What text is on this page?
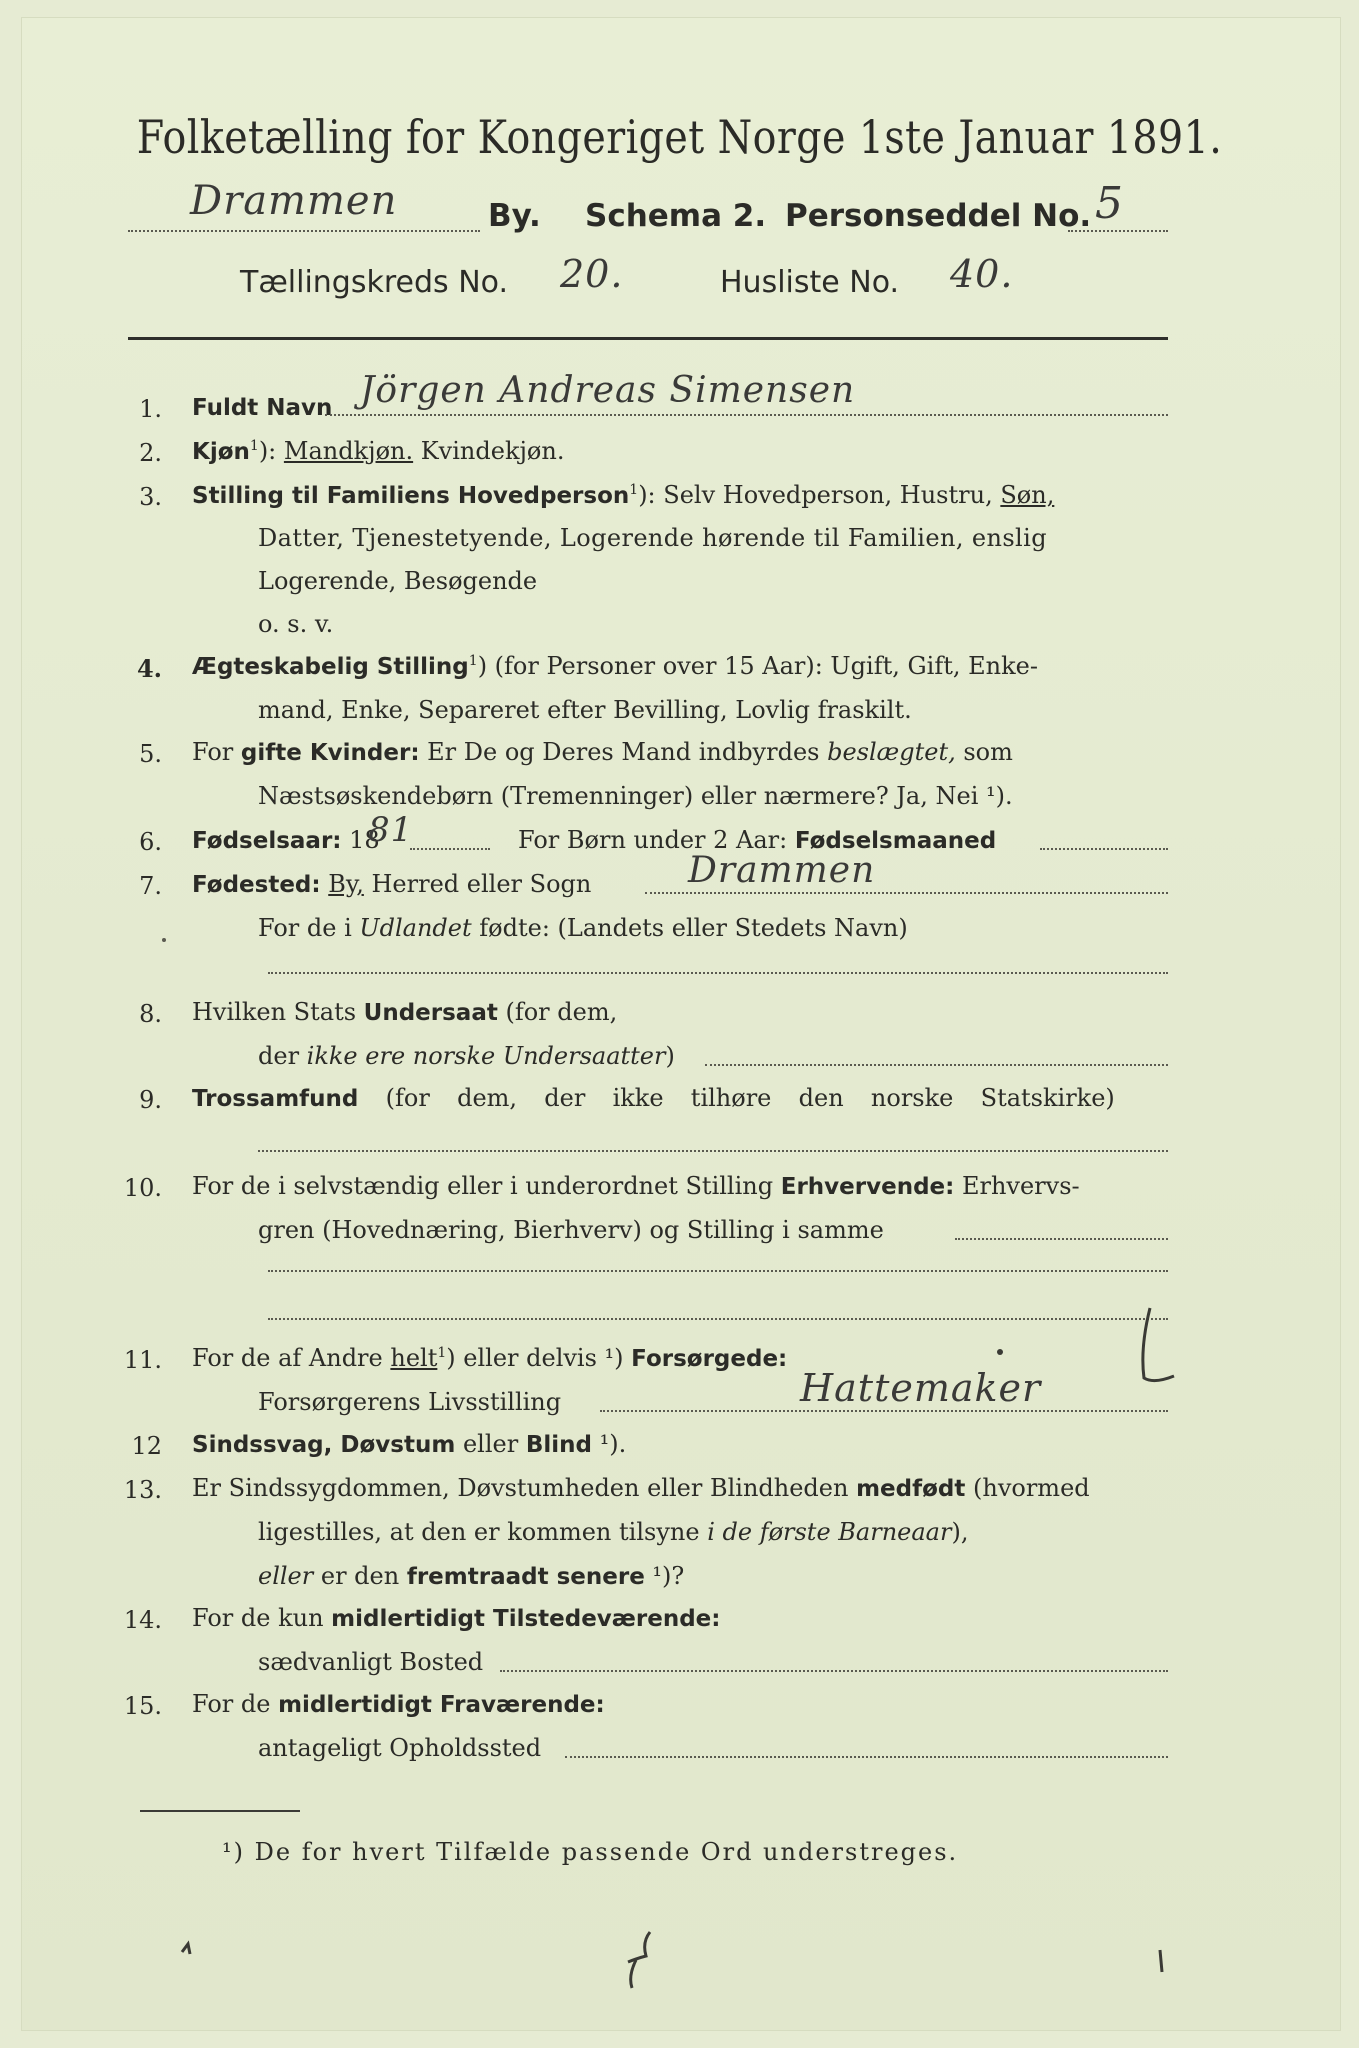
Folketælling for Kongeriget Norge 1ste Januar 1891.
Drammen	By. Schema 2. Personseddel No. 5
Tællingskreds No. 20.	Husliste No. 40.
1. Fuldt Navn Jörgen Andreas Simensen
2. Kjøn$^1$): Mandkjøn. Kvindekjøn.
3. Stilling til Familiens Hovedperson$^1$): Selv Hovedperson, Hustru, Søn,
Datter, Tjenestetyende, Logerende hørende til Familien, enslig
Logerende, Besøgende
o. s. v.
4. Ægteskabelig Stilling$^1$) (for Personer over 15 Aar): Ugift, Gift, Enke-
mand, Enke, Separeret efter Bevilling, Lovlig fraskilt.
5. For gifte Kvinder: Er De og Deres Mand indbyrdes beslægtet, som
Næstsøskendebørn (Tremenninger) eller nærmere? Ja, Nei ¹).
6. Fødselsaar: 18
81	For Børn under 2 Aar: Fødselsmaaned
7. Fødested: By, Herred eller Sogn	Drammen
For de i Udlandet fødte: (Landets eller Stedets Navn)
8. Hvilken Stats Undersaat (for dem,
der ikke ere norske Undersaatter)
9. Trossamfund  (for  dem,  der  ikke  tilhøre  den  norske  Statskirke)
10. For de i selvstændig eller i underordnet Stilling Erhvervende: Erhvervs-
gren (Hovednæring, Bierhverv) og Stilling i samme
11. For de af Andre helt$^1$) eller delvis ¹) Forsørgede:
Forsørgerens Livsstilling	Hattemaker
12 Sindssvag, Døvstum eller Blind ¹).
13. Er Sindssygdommen, Døvstumheden eller Blindheden medfødt (hvormed
ligestilles, at den er kommen tilsyne i de første Barneaar),
eller er den fremtraadt senere ¹)?
14. For de kun midlertidigt Tilstedeværende:
sædvanligt Bosted
15. For de midlertidigt Fraværende:
antageligt Opholdssted
¹) De for hvert Tilfælde passende Ord understreges.
